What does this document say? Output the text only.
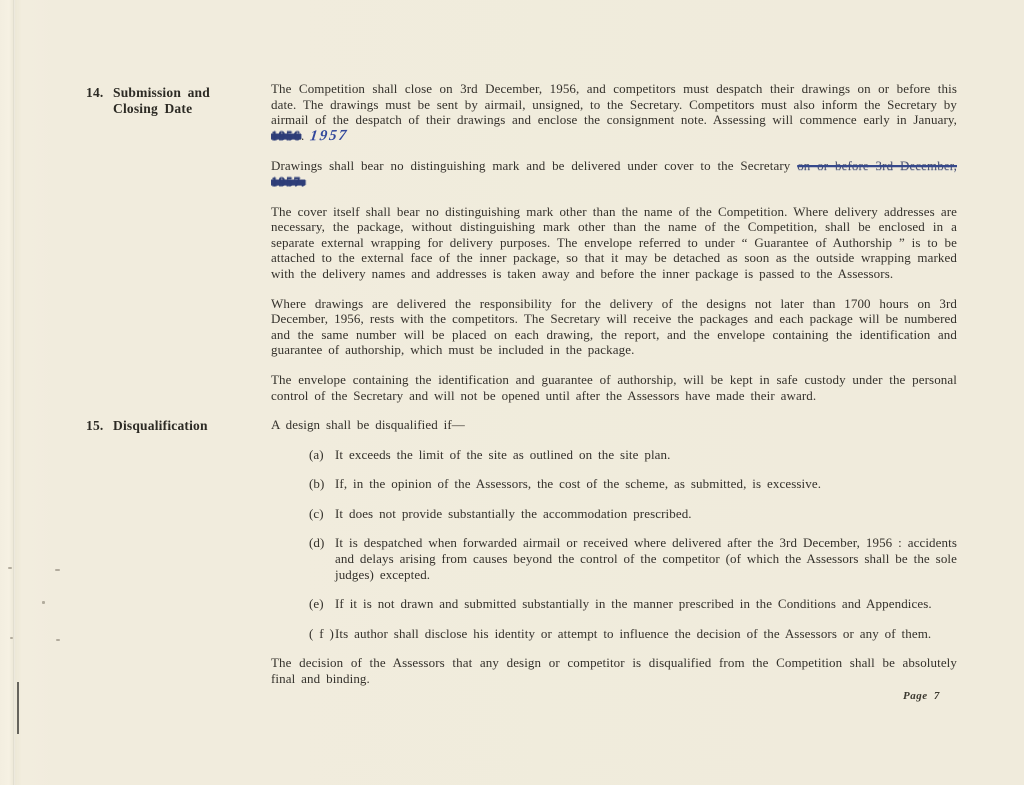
14. Submission and
Closing Date
15. Disqualification

The Competition shall close on 3rd December, 1956, and competitors must despatch their drawings on or before this date. The drawings must be sent by airmail, unsigned, to the Secretary. Competitors must also inform the Secretary by airmail of the despatch of their drawings and enclose the consignment note. Assessing will commence early in January, 1956. 1957

Drawings shall bear no distinguishing mark and be delivered under cover to the Secretary on or before 3rd December,
1957.

The cover itself shall bear no distinguishing mark other than the name of the Competition. Where delivery addresses are necessary, the package, without distinguishing mark other than the name of the Competition, shall be enclosed in a separate external wrapping for delivery purposes. The envelope referred to under “ Guarantee of Authorship ” is to be attached to the external face of the inner package, so that it may be detached as soon as the outside wrapping marked with the delivery names and addresses is taken away and before the inner package is passed to the Assessors.

Where drawings are delivered the responsibility for the delivery of the designs not later than 1700 hours on 3rd December, 1956, rests with the competitors. The Secretary will receive the packages and each package will be numbered and the same number will be placed on each drawing, the report, and the envelope containing the identification and guarantee of authorship, which must be included in the package.

The envelope containing the identification and guarantee of authorship, will be kept in safe custody under the personal control of the Secretary and will not be opened until after the Assessors have made their award.

A design shall be disqualified if—

(a) It exceeds the limit of the site as outlined on the site plan.
(b) If, in the opinion of the Assessors, the cost of the scheme, as submitted, is excessive.
(c) It does not provide substantially the accommodation prescribed.
(d) It is despatched when forwarded airmail or received where delivered after the 3rd December, 1956 : accidents and delays arising from causes beyond the control of the competitor (of which the Assessors shall be the sole judges) excepted.
(e) If it is not drawn and submitted substantially in the manner prescribed in the Conditions and Appendices.
( f ) Its author shall disclose his identity or attempt to influence the decision of the Assessors or any of them.

The decision of the Assessors that any design or competitor is disqualified from the Competition shall be absolutely final and binding.

Page 7
